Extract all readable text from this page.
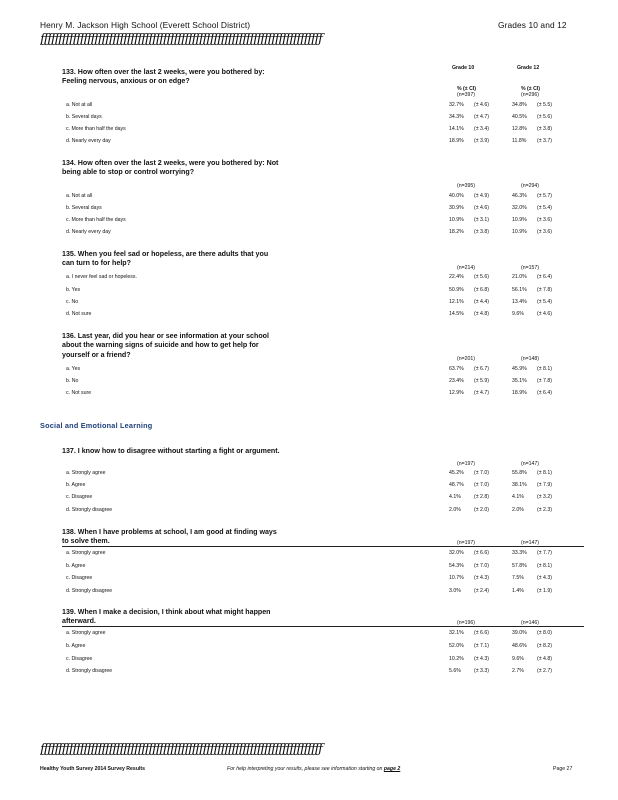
Henry M. Jackson High School (Everett School District)	Grades 10 and 12
ƒƒƒƒƒƒƒƒƒƒƒƒƒƒƒƒƒƒƒƒƒƒƒƒƒƒƒƒƒƒƒƒƒƒƒƒƒƒƒƒƒƒƒƒƒƒƒƒƒƒƒƒƒƒƒƒƒƒƒƒƒƒƒƒƒƒƒƒƒƒƒƒƒƒƒƒƒƒ
Grade 10	Grade 12
% (± CI)	% (± CI)
133. How often over the last 2 weeks, were you bothered by: Feeling nervous, anxious or on edge?
(n=397)	(n=296)
a. Not at all	32.7% (± 4.6)	34.8% (± 5.5)
b. Several days	34.3% (± 4.7)	40.5% (± 5.6)
c. More than half the days	14.1% (± 3.4)	12.8% (± 3.8)
d. Nearly every day	18.9% (± 3.9)	11.8% (± 3.7)
134. How often over the last 2 weeks, were you bothered by: Not being able to stop or control worrying?
(n=395)	(n=294)
a. Not at all	40.0% (± 4.9)	46.3% (± 5.7)
b. Several days	30.9% (± 4.6)	32.0% (± 5.4)
c. More than half the days	10.9% (± 3.1)	10.9% (± 3.6)
d. Nearly every day	18.2% (± 3.8)	10.9% (± 3.6)
135. When you feel sad or hopeless, are there adults that you can turn to for help?
(n=214)	(n=157)
a. I never feel sad or hopeless.	22.4% (± 5.6)	21.0% (± 6.4)
b. Yes	50.9% (± 6.8)	56.1% (± 7.8)
c. No	12.1% (± 4.4)	13.4% (± 5.4)
d. Not sure	14.5% (± 4.8)	9.6%	(± 4.6)
136. Last year, did you hear or see information at your school about the warning signs of suicide and how to get help for yourself or a friend?
(n=201)	(n=148)
a. Yes	63.7% (± 6.7)	45.9% (± 8.1)
b. No	23.4% (± 5.9)	35.1% (± 7.8)
c. Not sure	12.9% (± 4.7)	18.9% (± 6.4)
Social and Emotional Learning
137. I know how to disagree without starting a fight or argument.
(n=197)	(n=147)
a. Strongly agree	45.2% (± 7.0)	55.8% (± 8.1)
b. Agree	48.7% (± 7.0)	38.1% (± 7.9)
c. Disagree	4.1%	(± 2.8)	4.1%	(± 3.2)
d. Strongly disagree	2.0%	(± 2.0)	2.0%	(± 2.3)
138. When I have problems at school, I am good at finding ways to solve them.	(n=197)	(n=147)
a. Strongly agree	32.0% (± 6.6)	33.3% (± 7.7)
b. Agree	54.3% (± 7.0)	57.8% (± 8.1)
c. Disagree	10.7% (± 4.3)	7.5%	(± 4.3)
d. Strongly disagree	3.0%	(± 2.4)	1.4%	(± 1.9)
139. When I make a decision, I think about what might happen afterward.	(n=196)	(n=146)
a. Strongly agree	32.1% (± 6.6)	39.0% (± 8.0)
b. Agree	52.0% (± 7.1)	48.6% (± 8.2)
c. Disagree	10.2% (± 4.3)	9.6%	(± 4.8)
d. Strongly disagree	5.6%	(± 3.3)	2.7%	(± 2.7)
ƒƒƒƒƒƒƒƒƒƒƒƒƒƒƒƒƒƒƒƒƒƒƒƒƒƒƒƒƒƒƒƒƒƒƒƒƒƒƒƒƒƒƒƒƒƒƒƒƒƒƒƒƒƒƒƒƒƒƒƒƒƒƒƒƒƒƒƒƒƒƒƒƒƒƒƒƒƒ
Healthy Youth Survey 2014 Survey Results	For help interpreting your results, please see information starting on page 2	Page 27
